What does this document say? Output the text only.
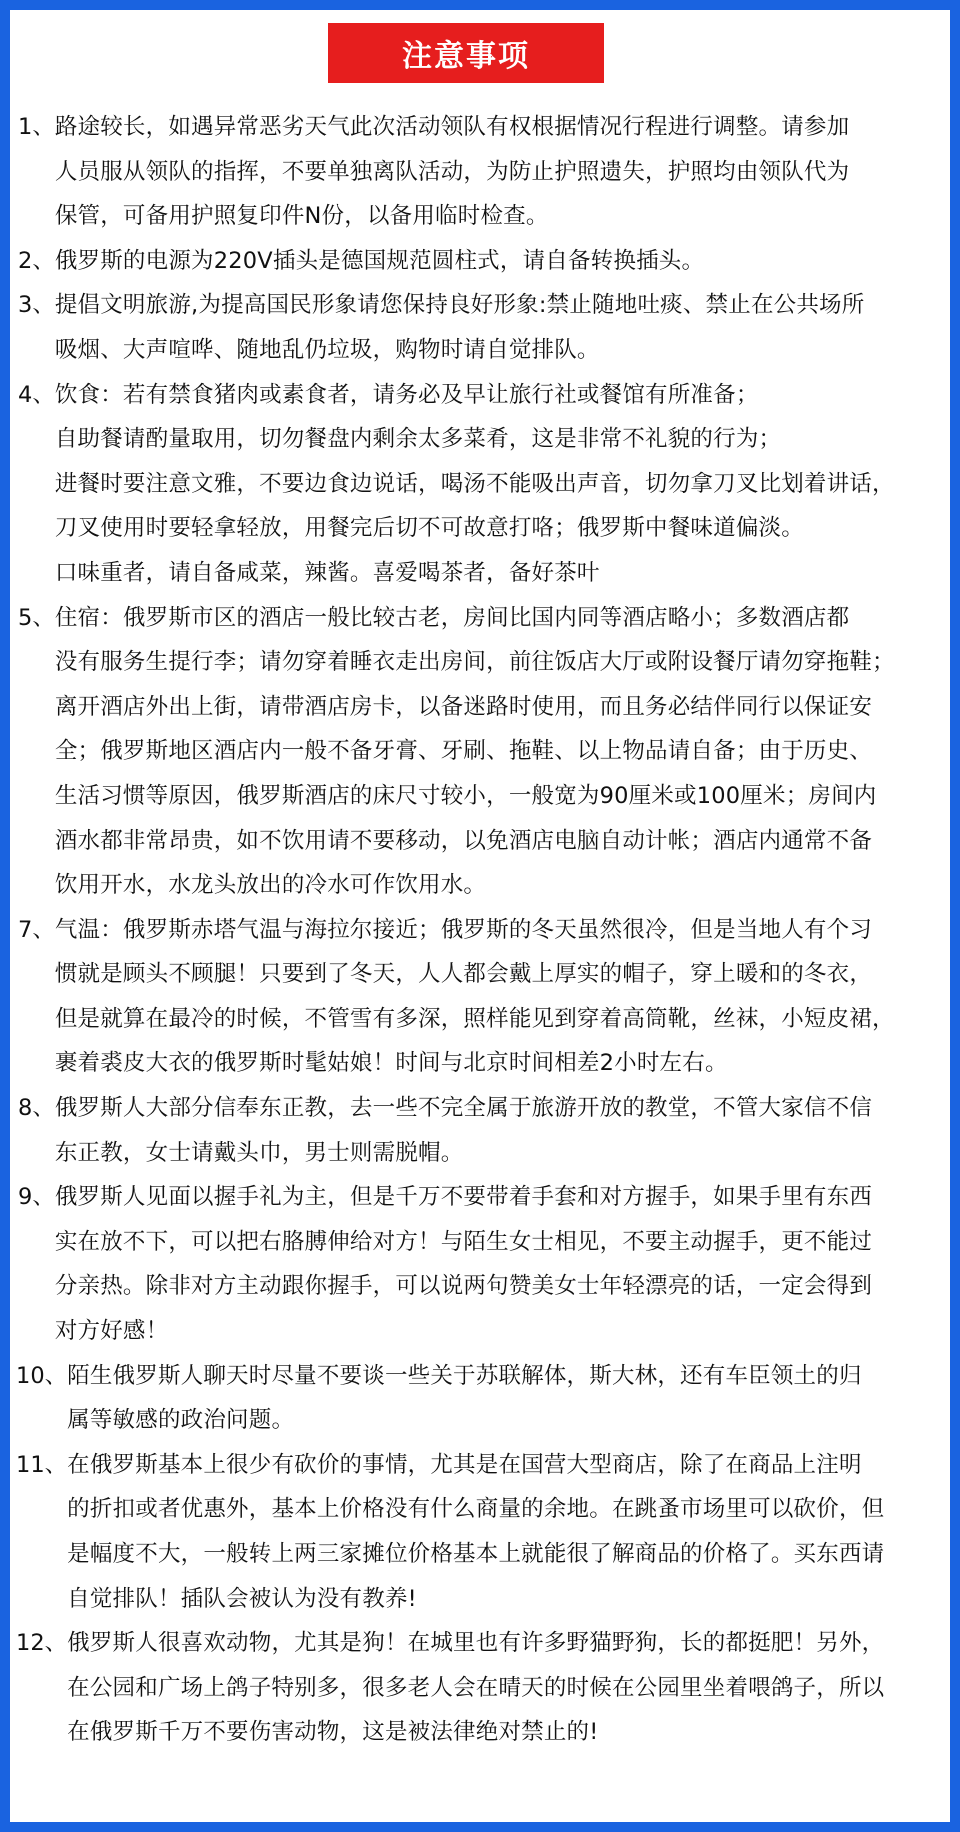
注意事项
1、 路途较长，如遇异常恶劣天气此次活动领队有权根据情况行程进行调整。请参加
人员服从领队的指挥，不要单独离队活动，为防止护照遗失，护照均由领队代为
保管，可备用护照复印件N份，以备用临时检查。
2、 俄罗斯的电源为220V插头是德国规范圆柱式，请自备转换插头。
3、 提倡文明旅游,为提高国民形象请您保持良好形象:禁止随地吐痰、禁止在公共场所
吸烟、大声喧哗、随地乱仍垃圾，购物时请自觉排队。
4、 饮食：若有禁食猪肉或素食者，请务必及早让旅行社或餐馆有所准备；
自助餐请酌量取用，切勿餐盘内剩余太多菜肴，这是非常不礼貌的行为；
进餐时要注意文雅，不要边食边说话，喝汤不能吸出声音，切勿拿刀叉比划着讲话，
刀叉使用时要轻拿轻放，用餐完后切不可故意打咯；俄罗斯中餐味道偏淡。
口味重者，请自备咸菜，辣酱。喜爱喝茶者，备好茶叶
5、 住宿：俄罗斯市区的酒店一般比较古老，房间比国内同等酒店略小；多数酒店都
没有服务生提行李；请勿穿着睡衣走出房间，前往饭店大厅或附设餐厅请勿穿拖鞋；
离开酒店外出上街，请带酒店房卡，以备迷路时使用，而且务必结伴同行以保证安
全；俄罗斯地区酒店内一般不备牙膏、牙刷、拖鞋、以上物品请自备；由于历史、
生活习惯等原因，俄罗斯酒店的床尺寸较小，一般宽为90厘米或100厘米；房间内
酒水都非常昂贵，如不饮用请不要移动，以免酒店电脑自动计帐；酒店内通常不备
饮用开水，水龙头放出的冷水可作饮用水。
7、 气温：俄罗斯赤塔气温与海拉尔接近；俄罗斯的冬天虽然很冷，但是当地人有个习
惯就是顾头不顾腿！只要到了冬天，人人都会戴上厚实的帽子，穿上暖和的冬衣，
但是就算在最冷的时候，不管雪有多深，照样能见到穿着高筒靴，丝袜，小短皮裙，
裹着裘皮大衣的俄罗斯时髦姑娘！时间与北京时间相差2小时左右。
8、 俄罗斯人大部分信奉东正教，去一些不完全属于旅游开放的教堂，不管大家信不信
东正教，女士请戴头巾，男士则需脱帽。
9、 俄罗斯人见面以握手礼为主，但是千万不要带着手套和对方握手，如果手里有东西
实在放不下，可以把右胳膊伸给对方！与陌生女士相见，不要主动握手，更不能过
分亲热。除非对方主动跟你握手，可以说两句赞美女士年轻漂亮的话，一定会得到
对方好感！
10、 陌生俄罗斯人聊天时尽量不要谈一些关于苏联解体，斯大林，还有车臣领土的归
属等敏感的政治问题。
11、 在俄罗斯基本上很少有砍价的事情，尤其是在国营大型商店，除了在商品上注明
的折扣或者优惠外，基本上价格没有什么商量的余地。在跳蚤市场里可以砍价，但
是幅度不大，一般转上两三家摊位价格基本上就能很了解商品的价格了。买东西请
自觉排队！插队会被认为没有教养!
12、 俄罗斯人很喜欢动物，尤其是狗！在城里也有许多野猫野狗，长的都挺肥！另外，
在公园和广场上鸽子特别多，很多老人会在晴天的时候在公园里坐着喂鸽子，所以
在俄罗斯千万不要伤害动物，这是被法律绝对禁止的!
